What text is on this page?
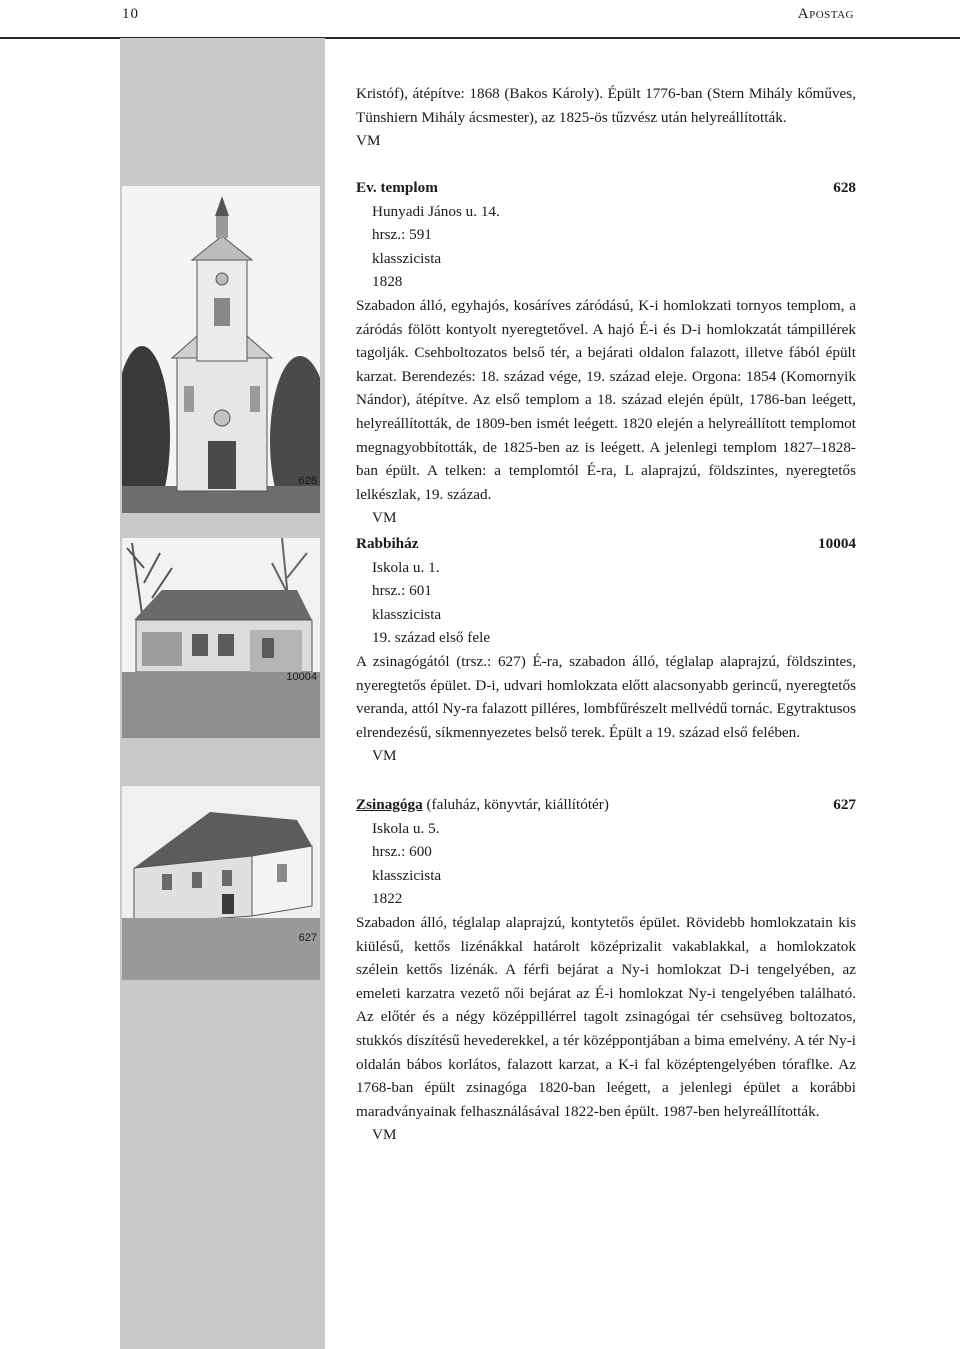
10	Apostag
628
10004
627

Kristóf), átépítve: 1868 (Bakos Károly). Épült 1776-ban (Stern Mihály kőműves, Tünshiern Mihály ácsmester), az 1825-ös tűzvész után helyreállították.

VM

Ev. templom	628

Hunyadi János u. 14.

hrsz.: 591

klasszicista

1828

Szabadon álló, egyhajós, kosáríves záródású, K-i homlokzati tornyos templom, a záródás fölött kontyolt nyeregtetővel. A hajó É-i és D-i homlokzatát támpillérek tagolják. Csehboltozatos belső tér, a bejárati oldalon falazott, illetve fából épült karzat. Berendezés: 18. század vége, 19. század eleje. Orgona: 1854 (Komornyik Nándor), átépítve. Az első templom a 18. század elején épült, 1786-ban leégett, helyreállították, de 1809-ben ismét leégett. 1820 elején a helyreállított templomot megnagyobbították, de 1825-ben az is leégett. A jelenlegi templom 1827–1828-ban épült. A telken: a templomtól É-ra, L alaprajzú, földszintes, nyeregtetős lelkészlak, 19. század.

VM

Rabbiház	10004

Iskola u. 1.

hrsz.: 601

klasszicista

19. század első fele

A zsinagógától (trsz.: 627) É-ra, szabadon álló, téglalap alaprajzú, földszintes, nyeregtetős épület. D-i, udvari homlokzata előtt alacsonyabb gerincű, nyeregtetős veranda, attól Ny-ra falazott pilléres, lombfűrészelt mellvédű tornác. Egytraktusos elrendezésű, síkmennyezetes belső terek. Épült a 19. század első felében.

VM

Zsinagóga (faluház, könyvtár, kiállítótér)	627

Iskola u. 5.

hrsz.: 600

klasszicista

1822

Szabadon álló, téglalap alaprajzú, kontytetős épület. Rövidebb homlokzatain kis kiülésű, kettős lizénákkal határolt középrizalit vakablakkal, a homlokzatok szélein kettős lizénák. A férfi bejárat a Ny-i homlokzat D-i tengelyében, az emeleti karzatra vezető női bejárat az É-i homlokzat Ny-i tengelyében található. Az előtér és a négy középpillérrel tagolt zsinagógai tér csehsüveg boltozatos, stukkós díszítésű hevederekkel, a tér középpontjában a bima emelvény. A tér Ny-i oldalán bábos korlátos, falazott karzat, a K-i fal középtengelyében tóraflke. Az 1768-ban épült zsinagóga 1820-ban leégett, a jelenlegi épület a korábbi maradványainak felhasználásával 1822-ben épült. 1987-ben helyreállították.

VM
